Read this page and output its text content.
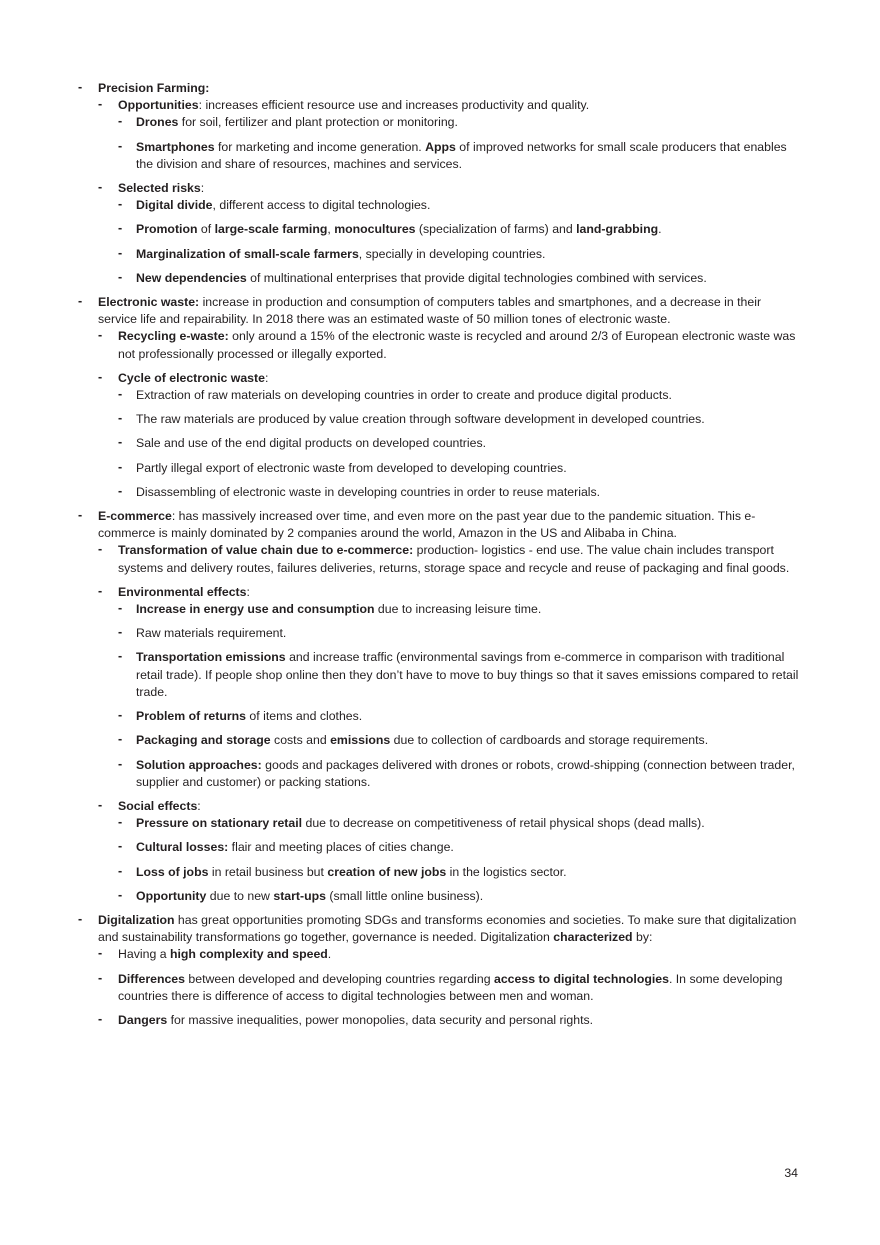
-	Precision Farming:
-	Opportunities: increases efficient resource use and increases productivity and quality.
-	Drones for soil, fertilizer and plant protection or monitoring.
-	Smartphones for marketing and income generation. Apps of improved networks for small scale producers that enables the division and share of resources, machines and services.
-	Selected risks:
-	Digital divide, different access to digital technologies.
-	Promotion of large-scale farming, monocultures (specialization of farms) and land-grabbing.
-	Marginalization of small-scale farmers, specially in developing countries.
-	New dependencies of multinational enterprises that provide digital technologies combined with services.
-	Electronic waste: increase in production and consumption of computers tables and smartphones, and a decrease in their service life and repairability. In 2018 there was an estimated waste of 50 million tones of electronic waste.
-	Recycling e-waste: only around a 15% of the electronic waste is recycled and around 2/3 of European electronic waste was not professionally processed or illegally exported.
-	Cycle of electronic waste:
-	Extraction of raw materials on developing countries in order to create and produce digital products.
-	The raw materials are produced by value creation through software development in developed countries.
-	Sale and use of the end digital products on developed countries.
-	Partly illegal export of electronic waste from developed to developing countries.
-	Disassembling of electronic waste in developing countries in order to reuse materials.
-	E-commerce: has massively increased over time, and even more on the past year due to the pandemic situation. This e-commerce is mainly dominated by 2 companies around the world, Amazon in the US and Alibaba in China.
-	Transformation of value chain due to e-commerce: production- logistics - end use. The value chain includes transport systems and delivery routes, failures deliveries, returns, storage space and recycle and reuse of packaging and final goods.
-	Environmental effects:
-	Increase in energy use and consumption due to increasing leisure time.
-	Raw materials requirement.
-	Transportation emissions and increase traffic (environmental savings from e-commerce in comparison with traditional retail trade). If people shop online then they don’t have to move to buy things so that it saves emissions compared to retail trade.
-	Problem of returns of items and clothes.
-	Packaging and storage costs and emissions due to collection of cardboards and storage requirements.
-	Solution approaches: goods and packages delivered with drones or robots, crowd-shipping (connection between trader, supplier and customer) or packing stations.
-	Social effects:
-	Pressure on stationary retail due to decrease on competitiveness of retail physical shops (dead malls).
-	Cultural losses: flair and meeting places of cities change.
-	Loss of jobs in retail business but creation of new jobs in the logistics sector.
-	Opportunity due to new start-ups (small little online business).
-	Digitalization has great opportunities promoting SDGs and transforms economies and societies. To make sure that digitalization and sustainability transformations go together, governance is needed. Digitalization characterized by:
-	Having a high complexity and speed.
-	Differences between developed and developing countries regarding access to digital technologies. In some developing countries there is difference of access to digital technologies between men and woman.
-	Dangers for massive inequalities, power monopolies, data security and personal rights.
34
